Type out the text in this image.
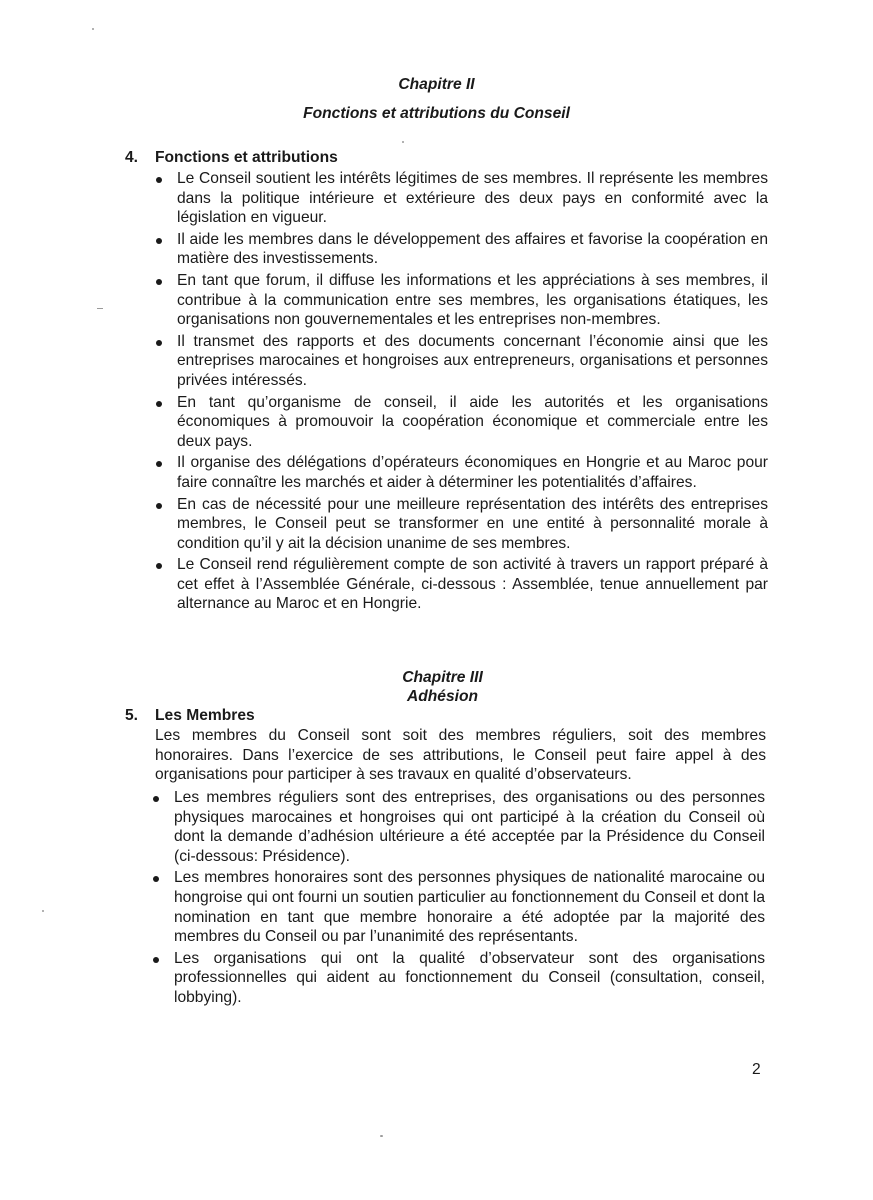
Chapitre II
Fonctions et attributions du Conseil
4. Fonctions et attributions
Le Conseil soutient les intérêts légitimes de ses membres. Il représente les membres dans la politique intérieure et extérieure des deux pays en conformité avec la législation en vigueur.
Il aide les membres dans le développement des affaires et favorise la coopération en matière des investissements.
En tant que forum, il diffuse les informations et les appréciations à ses membres, il contribue à la communication entre ses membres, les organisations étatiques, les organisations non gouvernementales et les entreprises non-membres.
Il transmet des rapports et des documents concernant l’économie ainsi que les entreprises marocaines et hongroises aux entrepreneurs, organisations et personnes privées intéressés.
En tant qu’organisme de conseil, il aide les autorités et les organisations économiques à promouvoir la coopération économique et commerciale entre les deux pays.
Il organise des délégations d’opérateurs économiques en Hongrie et au Maroc pour faire connaître les marchés et aider à déterminer les potentialités d’affaires.
En cas de nécessité pour une meilleure représentation des intérêts des entreprises membres, le Conseil peut se transformer en une entité à personnalité morale à condition qu’il y ait la décision unanime de ses membres.
Le Conseil rend régulièrement compte de son activité à travers un rapport préparé à cet effet à l’Assemblée Générale, ci-dessous : Assemblée, tenue annuellement par alternance au Maroc et en Hongrie.
Chapitre III
Adhésion
5. Les Membres
Les membres du Conseil sont soit des membres réguliers, soit des membres honoraires. Dans l’exercice de ses attributions, le Conseil peut faire appel à des organisations pour participer à ses travaux en qualité d’observateurs.
Les membres réguliers sont des entreprises, des organisations ou des personnes physiques marocaines et hongroises qui ont participé à la création du Conseil où dont la demande d’adhésion ultérieure a été acceptée par la Présidence du Conseil (ci-dessous: Présidence).
Les membres honoraires sont des personnes physiques de nationalité marocaine ou hongroise qui ont fourni un soutien particulier au fonctionnement du Conseil et dont la nomination en tant que membre honoraire a été adoptée par la majorité des membres du Conseil ou par l’unanimité des représentants.
Les organisations qui ont la qualité d’observateur sont des organisations professionnelles qui aident au fonctionnement du Conseil (consultation, conseil, lobbying).
2
